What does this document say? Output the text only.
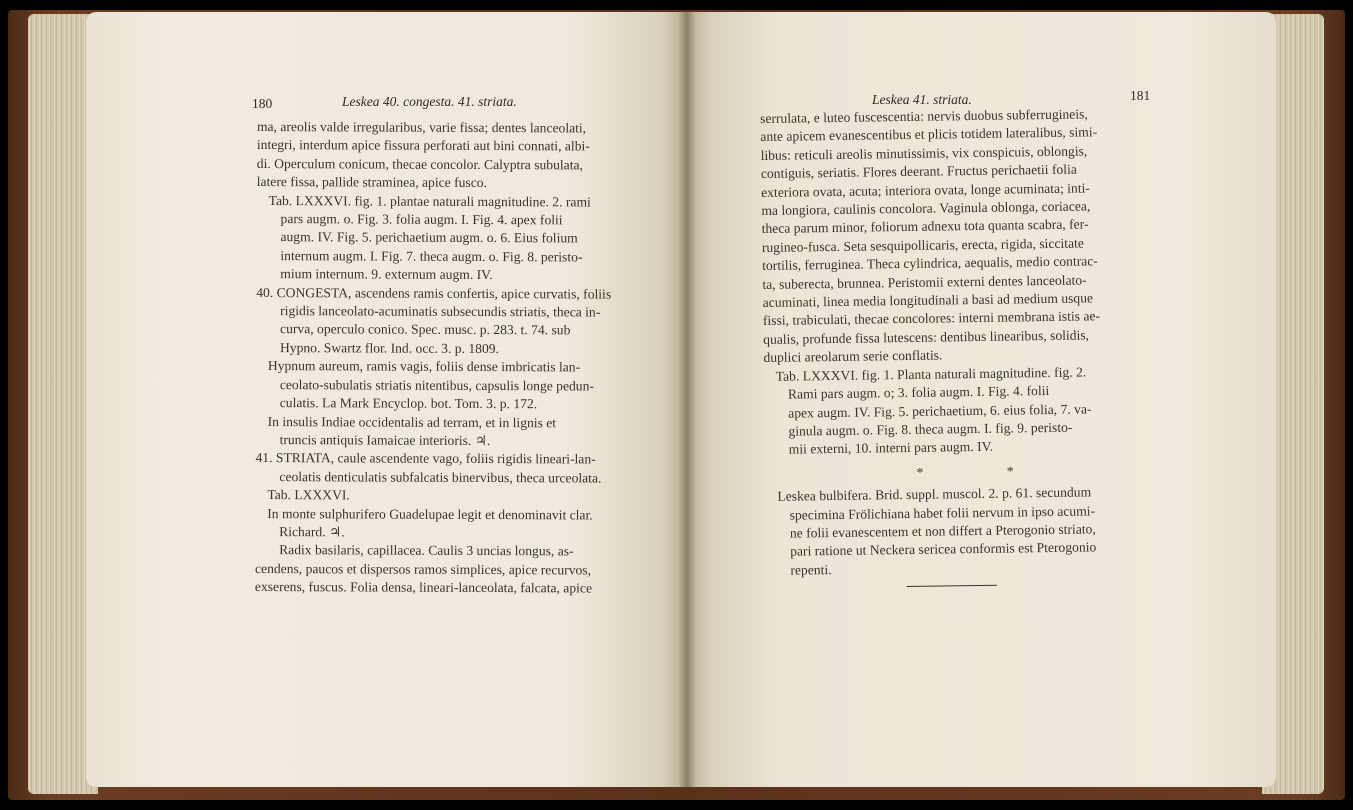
180	Leskea 40. congesta. 41. striata.	Leskea 41. striata.	181
ma, areolis valde irregularibus, varie fissa; dentes lanceolati,
integri, interdum apice fissura perforati aut bini connati, albi-
di. Operculum conicum, thecae concolor. Calyptra subulata,
latere fissa, pallide straminea, apice fusco.
Tab. LXXXVI. fig. 1. plantae naturali magnitudine. 2. rami
pars augm. o. Fig. 3. folia augm. I. Fig. 4. apex folii
augm. IV. Fig. 5. perichaetium augm. o. 6. Eius folium
internum augm. I. Fig. 7. theca augm. o. Fig. 8. peristo-
mium internum. 9. externum augm. IV.
40. CONGESTA, ascendens ramis confertis, apice curvatis, foliis
rigidis lanceolato-acuminatis subsecundis striatis, theca in-
curva, operculo conico. Spec. musc. p. 283. t. 74. sub
Hypno. Swartz flor. Ind. occ. 3. p. 1809.
Hypnum aureum, ramis vagis, foliis dense imbricatis lan-
ceolato-subulatis striatis nitentibus, capsulis longe pedun-
culatis. La Mark Encyclop. bot. Tom. 3. p. 172.
In insulis Indiae occidentalis ad terram, et in lignis et
truncis antiquis Iamaicae interioris. ♃.
41. STRIATA, caule ascendente vago, foliis rigidis lineari-lan-
ceolatis denticulatis subfalcatis binervibus, theca urceolata.
Tab. LXXXVI.
In monte sulphurifero Guadelupae legit et denominavit clar.
Richard. ♃.
Radix basilaris, capillacea. Caulis 3 uncias longus, as-
cendens, paucos et dispersos ramos simplices, apice recurvos,
exserens, fuscus. Folia densa, lineari-lanceolata, falcata, apice
serrulata, e luteo fuscescentia: nervis duobus subferrugineis,
ante apicem evanescentibus et plicis totidem lateralibus, simi-
libus: reticuli areolis minutissimis, vix conspicuis, oblongis,
contiguis, seriatis. Flores deerant. Fructus perichaetii folia
exteriora ovata, acuta; interiora ovata, longe acuminata; inti-
ma longiora, caulinis concolora. Vaginula oblonga, coriacea,
theca parum minor, foliorum adnexu tota quanta scabra, fer-
rugineo-fusca. Seta sesquipollicaris, erecta, rigida, siccitate
tortilis, ferruginea. Theca cylindrica, aequalis, medio contrac-
ta, suberecta, brunnea. Peristomii externi dentes lanceolato-
acuminati, linea media longitudinali a basi ad medium usque
fissi, trabiculati, thecae concolores: interni membrana istis ae-
qualis, profunde fissa lutescens: dentibus linearibus, solidis,
duplici areolarum serie conflatis.
Tab. LXXXVI. fig. 1. Planta naturali magnitudine. fig. 2.
Rami pars augm. o; 3. folia augm. I. Fig. 4. folii
apex augm. IV. Fig. 5. perichaetium, 6. eius folia, 7. va-
ginula augm. o. Fig. 8. theca augm. I. fig. 9. peristo-
mii externi, 10. interni pars augm. IV.
* *
Leskea bulbifera. Brid. suppl. muscol. 2. p. 61. secundum
specimina Frölichiana habet folii nervum in ipso acumi-
ne folii evanescentem et non differt a Pterogonio striato,
pari ratione ut Neckera sericea conformis est Pterogonio
repenti.
